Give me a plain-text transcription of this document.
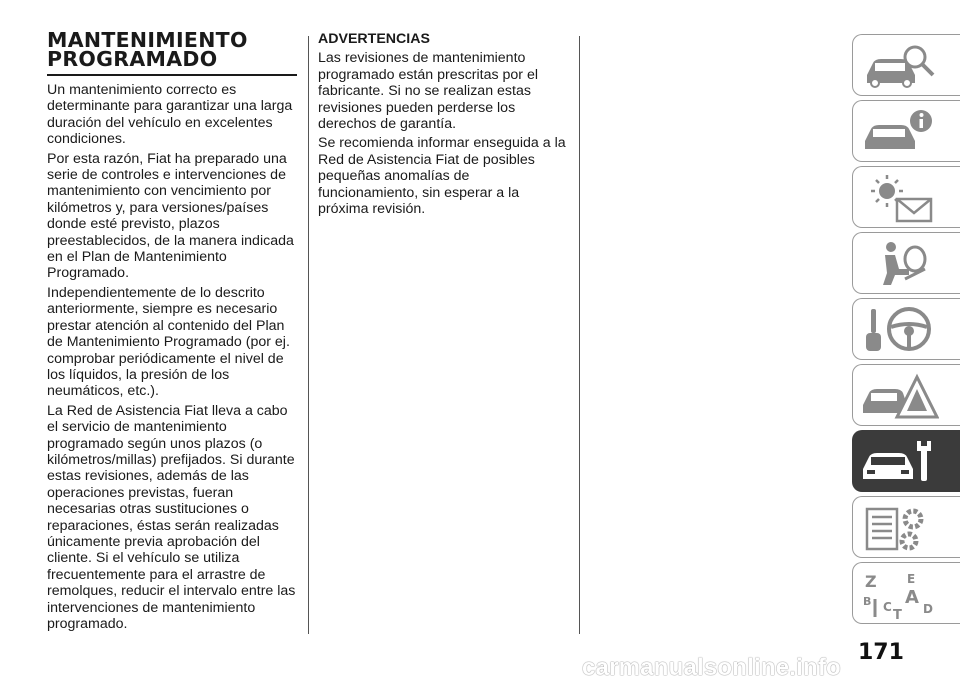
MANTENIMIENTO
PROGRAMADO

Un mantenimiento correcto es determinante para garantizar una larga duración del vehículo en excelentes condiciones.

Por esta razón, Fiat ha preparado una serie de controles e intervenciones de mantenimiento con vencimiento por kilómetros y, para versiones/países donde esté previsto, plazos preestablecidos, de la manera indicada en el Plan de Mantenimiento Programado.

Independientemente de lo descrito anteriormente, siempre es necesario prestar atención al contenido del Plan de Mantenimiento Programado (por ej. comprobar periódicamente el nivel de los líquidos, la presión de los neumáticos, etc.).

La Red de Asistencia Fiat lleva a cabo el servicio de mantenimiento programado según unos plazos (o kilómetros/millas) prefijados. Si durante estas revisiones, además de las operaciones previstas, fueran necesarias otras sustituciones o reparaciones, éstas serán realizadas únicamente previa aprobación del cliente. Si el vehículo se utiliza frecuentemente para el arrastre de remolques, reducir el intervalo entre las intervenciones de mantenimiento programado.

ADVERTENCIAS

Las revisiones de mantenimiento programado están prescritas por el fabricante. Si no se realizan estas revisiones pueden perderse los derechos de garantía.

Se recomienda informar enseguida a la Red de Asistencia Fiat de posibles pequeñas anomalías de funcionamiento, sin esperar a la próxima revisión.

Z	E
B A
C	D
T
171
carmanualsonline.info
